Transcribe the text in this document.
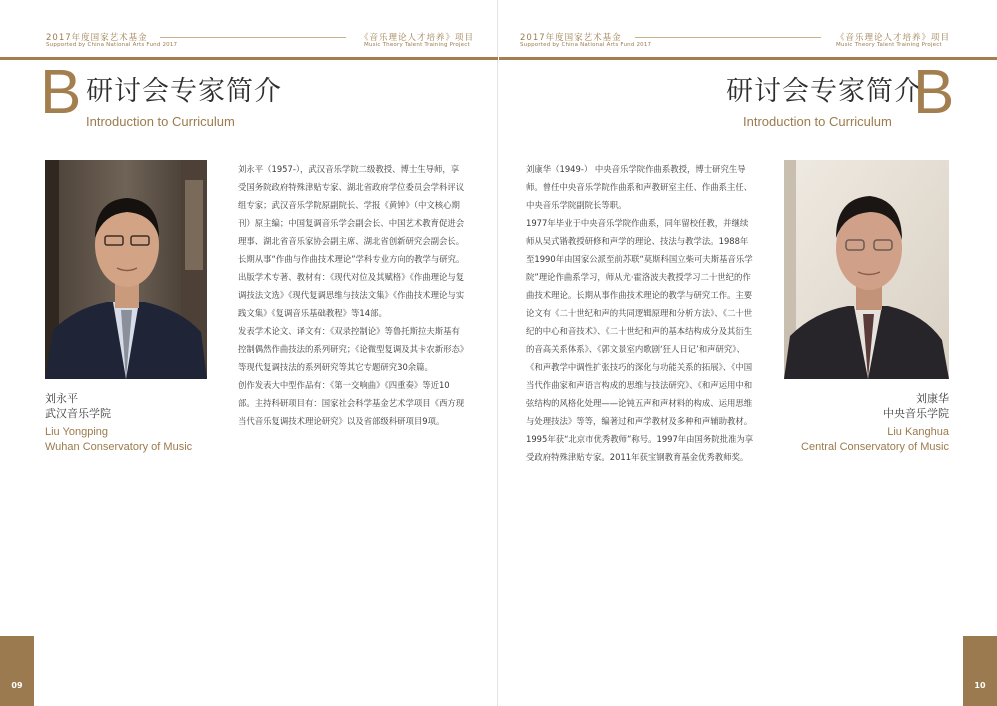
2017年度国家艺术基金
Supported by China National Arts Fund 2017
《音乐理论人才培养》项目
Music Theory Talent Training Project
B 研讨会专家简介
Introduction to Curriculum
刘永平
武汉音乐学院
Liu Yongping
Wuhan Conservatory of Music

刘永平（1957-），武汉音乐学院二级教授、博士生导师，享受国务院政府特殊津贴专家、湖北省政府学位委员会学科评议组专家；武汉音乐学院原副院长、学报《黄钟》（中文核心期刊）原主编；中国复调音乐学会副会长、中国艺术教育促进会理事、湖北省音乐家协会副主席、湖北省创新研究会副会长。

长期从事“作曲与作曲技术理论”学科专业方向的教学与研究。

出版学术专著、教材有：《现代对位及其赋格》《作曲理论与复调技法文选》《现代复调思维与技法文集》《作曲技术理论与实践文集》《复调音乐基础教程》等14部。

发表学术论文、译文有：《双录控制论》等鲁托斯拉夫斯基有控制偶然作曲技法的系列研究；《论微型复调及其卡农新形态》等现代复调技法的系列研究等其它专题研究30余篇。

创作发表大中型作品有：《第一交响曲》《四重奏》等近10部。主持科研项目有：国家社会科学基金艺术学项目《西方现当代音乐复调技术理论研究》以及省部级科研项目9项。

09
2017年度国家艺术基金
Supported by China National Arts Fund 2017
《音乐理论人才培养》项目
Music Theory Talent Training Project
研讨会专家简介
Introduction to Curriculum B

刘康华（1949-） 中央音乐学院作曲系教授，博士研究生导师。曾任中央音乐学院作曲系和声教研室主任、作曲系主任、中央音乐学院副院长等职。

1977年毕业于中央音乐学院作曲系，同年留校任教，并继续师从吴式锴教授研修和声学的理论、技法与教学法。1988年至1990年由国家公派至前苏联“莫斯科国立柴可夫斯基音乐学院”理论作曲系学习，师从尤·霍洛波夫教授学习二十世纪的作曲技术理论。长期从事作曲技术理论的教学与研究工作。主要论文有《二十世纪和声的共同逻辑原理和分析方法》、《二十世纪的中心和音技术》、《二十世纪和声的基本结构成分及其衍生的音高关系体系》、《郭文景室内歌剧‘狂人日记’和声研究》、《和声教学中调性扩张技巧的深化与功能关系的拓展》、《中国当代作曲家和声语言构成的思维与技法研究》、《和声运用中和弦结构的风格化处理——论钝五声和声材料的构成、运用思维与处理技法》等等，编著过和声学教材及多种和声辅助教材。

1995年获“北京市优秀教师”称号。1997年由国务院批准为享受政府特殊津贴专家。2011年获宝钢教育基金优秀教师奖。

刘康华
中央音乐学院
Liu Kanghua
Central Conservatory of Music
10
